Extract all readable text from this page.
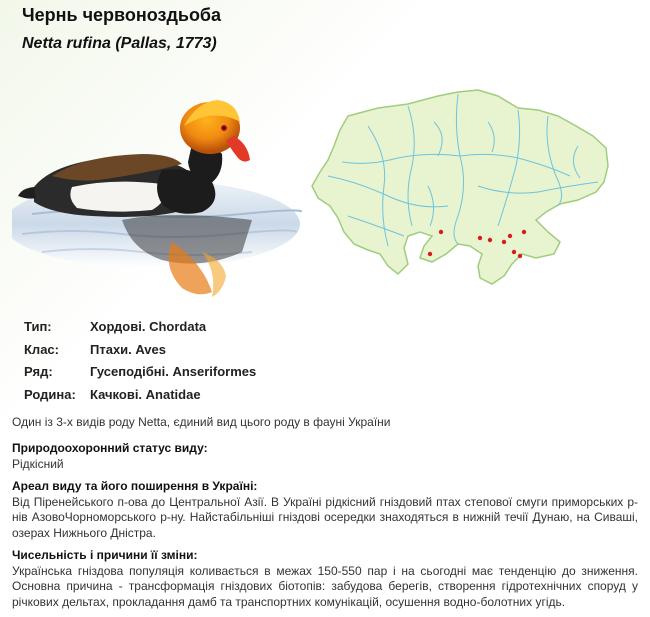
Чернь червоноздьоба
Netta rufina (Pallas, 1773)
Тип:	Хордові. Chordata
Клас:	Птахи. Aves
Ряд:	Гусеподібні. Anseriformes
Родина:	Качкові. Anatidae

Один із 3-х видів роду Netta, єдиний вид цього роду в фауні України

Природоохоронний статус виду:
Рідкісний
Ареал виду та його поширення в Україні:

Від Піренейського п-ова до Центральної Азії. В Україні рідкісний гніздовий птах степової смуги приморських р-нів АзовоЧорноморського р-ну. Найстабільніші гніздові осередки знаходяться в нижній течії Дунаю, на Сиваші, озерах Нижнього Дністра.

Чисельність і причини її зміни:

Українська гніздова популяція коливається в межах 150-550 пар і на сьогодні має тенденцію до зниження. Основна причина - трансформація гніздових біотопів: забудова берегів, створення гідротехнічних споруд у річкових дельтах, прокладання дамб та транспортних комунікацій, осушення водно-болотних угідь.
